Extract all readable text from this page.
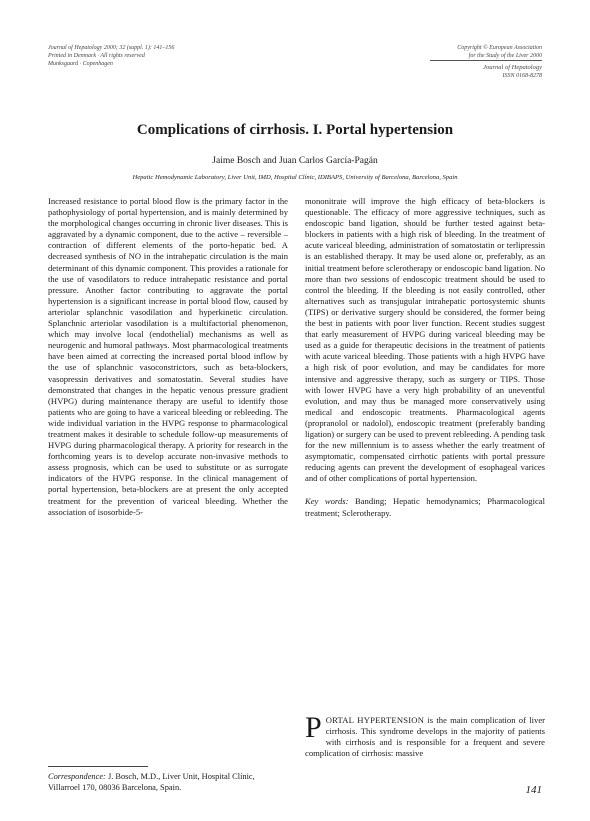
Journal of Hepatology 2000; 32 (suppl. 1): 141–156
Printed in Denmark · All rights reserved
Munksgaard · Copenhagen
Copyright © European Association
for the Study of the Liver 2000
Journal of Hepatology
ISSN 0168-8278
Complications of cirrhosis. I. Portal hypertension
Jaime Bosch and Juan Carlos García-Pagán
Hepatic Hemodynamic Laboratory, Liver Unit, IMD, Hospital Clínic, IDIBAPS, University of Barcelona, Barcelona, Spain

Increased resistance to portal blood flow is the primary factor in the pathophysiology of portal hypertension, and is mainly determined by the morphological changes occurring in chronic liver diseases. This is aggravated by a dynamic component, due to the active – reversible – contraction of different elements of the porto-hepatic bed. A decreased synthesis of NO in the intrahepatic circulation is the main determinant of this dynamic component. This provides a rationale for the use of vasodilators to reduce intrahepatic resistance and portal pressure. Another factor contributing to aggravate the portal hypertension is a significant increase in portal blood flow, caused by arteriolar splanchnic vasodilation and hyperkinetic circulation. Splanchnic arteriolar vasodilation is a multifactorial phenomenon, which may involve local (endothelial) mechanisms as well as neurogenic and humoral pathways. Most pharmacological treatments have been aimed at correcting the increased portal blood inflow by the use of splanchnic vasoconstrictors, such as beta-blockers, vasopressin derivatives and somatostatin. Several studies have demonstrated that changes in the hepatic venous pressure gradient (HVPG) during maintenance therapy are useful to identify those patients who are going to have a variceal bleeding or rebleeding. The wide individual variation in the HVPG response to pharmacological treatment makes it desirable to schedule follow-up measurements of HVPG during pharmacological therapy. A priority for research in the forthcoming years is to develop accurate non-invasive methods to assess prognosis, which can be used to substitute or as surrogate indicators of the HVPG response. In the clinical management of portal hypertension, beta-blockers are at present the only accepted treatment for the prevention of variceal bleeding. Whether the association of isosorbide-5-

mononitrate will improve the high efficacy of beta-blockers is questionable. The efficacy of more aggressive techniques, such as endoscopic band ligation, should be further tested against beta-blockers in patients with a high risk of bleeding. In the treatment of acute variceal bleeding, administration of somatostatin or terlipressin is an established therapy. It may be used alone or, preferably, as an initial treatment before sclerotherapy or endoscopic band ligation. No more than two sessions of endoscopic treatment should be used to control the bleeding. If the bleeding is not easily controlled, other alternatives such as transjugular intrahepatic portosystemic shunts (TIPS) or derivative surgery should be considered, the former being the best in patients with poor liver function. Recent studies suggest that early measurement of HVPG during variceal bleeding may be used as a guide for therapeutic decisions in the treatment of patients with acute variceal bleeding. Those patients with a high HVPG have a high risk of poor evolution, and may be candidates for more intensive and aggressive therapy, such as surgery or TIPS. Those with lower HVPG have a very high probability of an uneventful evolution, and may thus be managed more conservatively using medical and endoscopic treatments. Pharmacological agents (propranolol or nadolol), endoscopic treatment (preferably banding ligation) or surgery can be used to prevent rebleeding. A pending task for the new millennium is to assess whether the early treatment of asymptomatic, compensated cirrhotic patients with portal pressure reducing agents can prevent the development of esophageal varices and of other complications of portal hypertension.

Key words: Banding; Hepatic hemodynamics; Pharmacological treatment; Sclerotherapy.

PORTAL HYPERTENSION is the main complication of liver cirrhosis. This syndrome develops in the majority of patients with cirrhosis and is responsible for a frequent and severe complication of cirrhosis: massive
Correspondence: J. Bosch, M.D., Liver Unit, Hospital Clínic, Villarroel 170, 08036 Barcelona, Spain.	141
